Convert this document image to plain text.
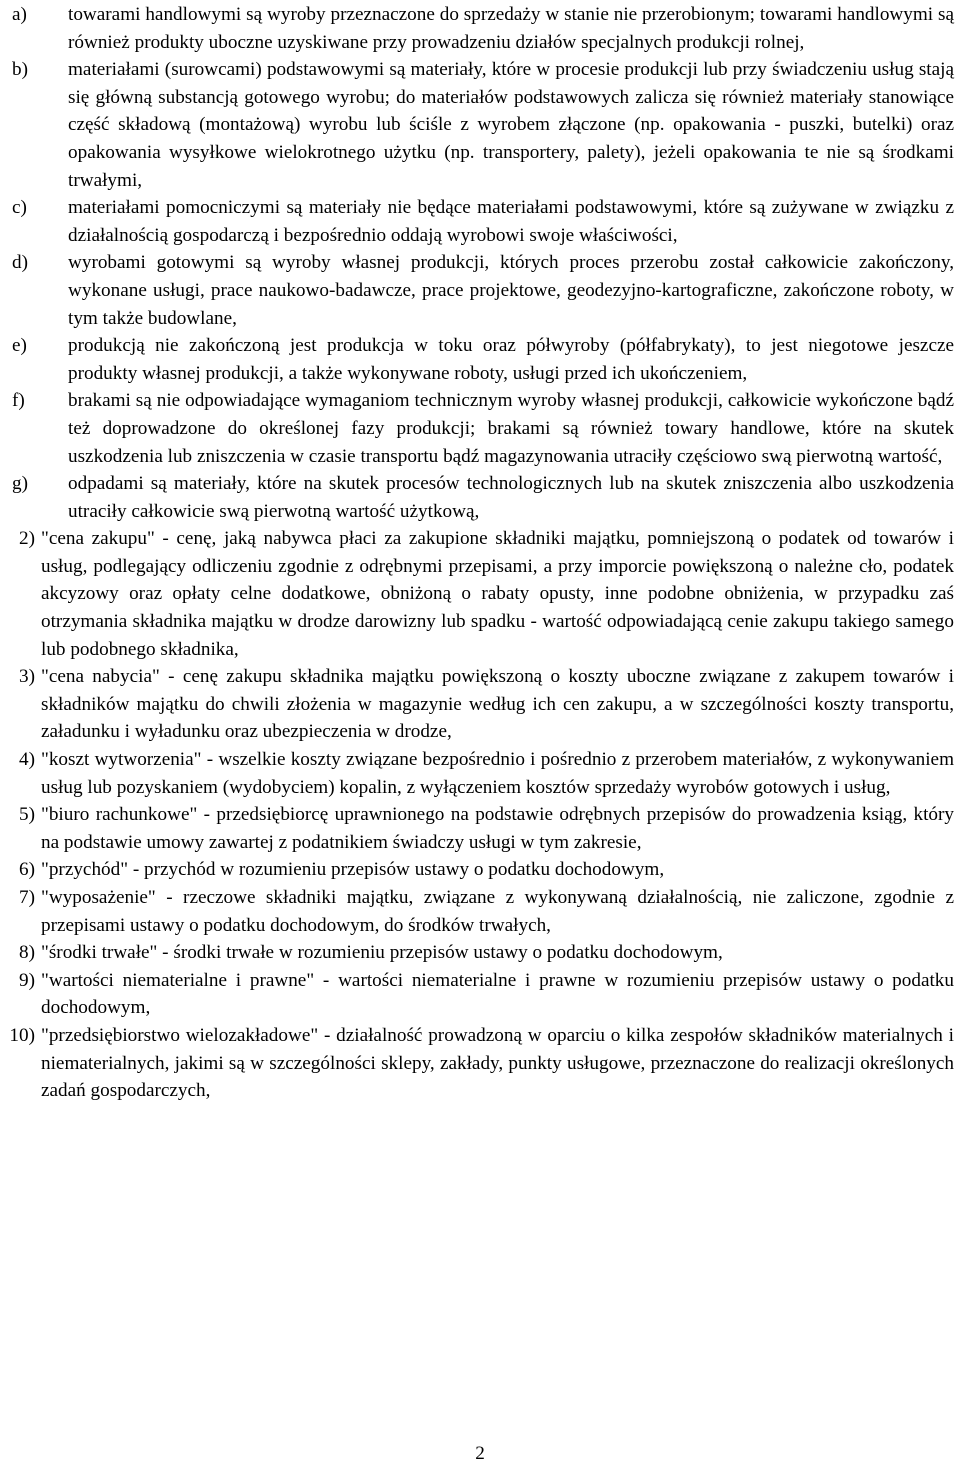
a) towarami handlowymi są wyroby przeznaczone do sprzedaży w stanie nie przerobionym; towarami handlowymi są również produkty uboczne uzyskiwane przy prowadzeniu działów specjalnych produkcji rolnej,
b) materiałami (surowcami) podstawowymi są materiały, które w procesie produkcji lub przy świadczeniu usług stają się główną substancją gotowego wyrobu; do materiałów podstawowych zalicza się również materiały stanowiące część składową (montażową) wyrobu lub ściśle z wyrobem złączone (np. opakowania - puszki, butelki) oraz opakowania wysyłkowe wielokrotnego użytku (np. transportery, palety), jeżeli opakowania te nie są środkami trwałymi,
c) materiałami pomocniczymi są materiały nie będące materiałami podstawowymi, które są zużywane w związku z działalnością gospodarczą i bezpośrednio oddają wyrobowi swoje właściwości,
d) wyrobami gotowymi są wyroby własnej produkcji, których proces przerobu został całkowicie zakończony, wykonane usługi, prace naukowo-badawcze, prace projektowe, geodezyjno-kartograficzne, zakończone roboty, w tym także budowlane,
e) produkcją nie zakończoną jest produkcja w toku oraz półwyroby (półfabrykaty), to jest niegotowe jeszcze produkty własnej produkcji, a także wykonywane roboty, usługi przed ich ukończeniem,
f) brakami są nie odpowiadające wymaganiom technicznym wyroby własnej produkcji, całkowicie wykończone bądź też doprowadzone do określonej fazy produkcji; brakami są również towary handlowe, które na skutek uszkodzenia lub zniszczenia w czasie transportu bądź magazynowania utraciły częściowo swą pierwotną wartość,
g) odpadami są materiały, które na skutek procesów technologicznych lub na skutek zniszczenia albo uszkodzenia utraciły całkowicie swą pierwotną wartość użytkową,
2) "cena zakupu" - cenę, jaką nabywca płaci za zakupione składniki majątku, pomniejszoną o podatek od towarów i usług, podlegający odliczeniu zgodnie z odrębnymi przepisami, a przy imporcie powiększoną o należne cło, podatek akcyzowy oraz opłaty celne dodatkowe, obniżoną o rabaty opusty, inne podobne obniżenia, w przypadku zaś otrzymania składnika majątku w drodze darowizny lub spadku - wartość odpowiadającą cenie zakupu takiego samego lub podobnego składnika,
3) "cena nabycia" - cenę zakupu składnika majątku powiększoną o koszty uboczne związane z zakupem towarów i składników majątku do chwili złożenia w magazynie według ich cen zakupu, a w szczególności koszty transportu, załadunku i wyładunku oraz ubezpieczenia w drodze,
4) "koszt wytworzenia" - wszelkie koszty związane bezpośrednio i pośrednio z przerobem materiałów, z wykonywaniem usług lub pozyskaniem (wydobyciem) kopalin, z wyłączeniem kosztów sprzedaży wyrobów gotowych i usług,
5) "biuro rachunkowe" - przedsiębiorcę uprawnionego na podstawie odrębnych przepisów do prowadzenia ksiąg, który na podstawie umowy zawartej z podatnikiem świadczy usługi w tym zakresie,
6) "przychód" - przychód w rozumieniu przepisów ustawy o podatku dochodowym,
7) "wyposażenie" - rzeczowe składniki majątku, związane z wykonywaną działalnością, nie zaliczone, zgodnie z przepisami ustawy o podatku dochodowym, do środków trwałych,
8) "środki trwałe" - środki trwałe w rozumieniu przepisów ustawy o podatku dochodowym,
9) "wartości niematerialne i prawne" - wartości niematerialne i prawne w rozumieniu przepisów ustawy o podatku dochodowym,
10) "przedsiębiorstwo wielozakładowe" - działalność prowadzoną w oparciu o kilka zespołów składników materialnych i niematerialnych, jakimi są w szczególności sklepy, zakłady, punkty usługowe, przeznaczone do realizacji określonych zadań gospodarczych,
2
